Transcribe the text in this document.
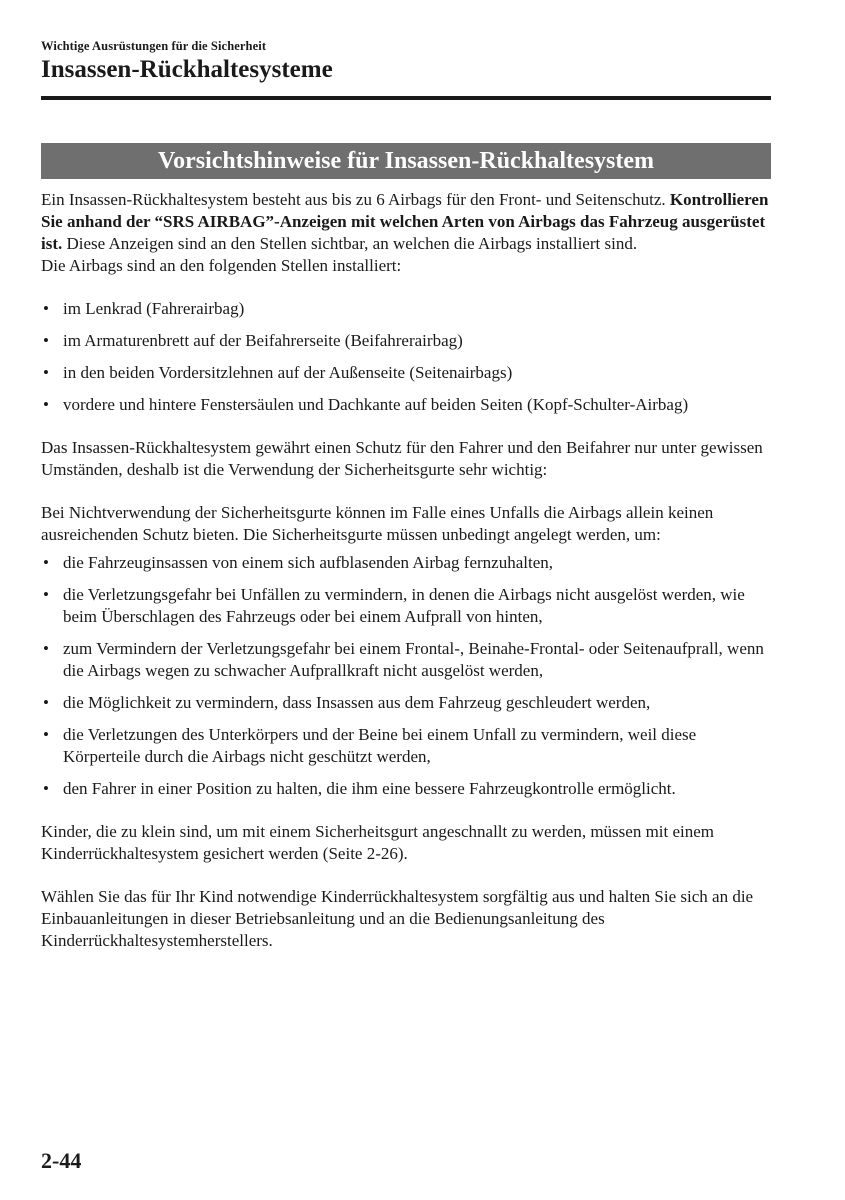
Wichtige Ausrüstungen für die Sicherheit
Insassen-Rückhaltesysteme
Vorsichtshinweise für Insassen-Rückhaltesystem

Ein Insassen-Rückhaltesystem besteht aus bis zu 6 Airbags für den Front- und Seitenschutz. Kontrollieren Sie anhand der “SRS AIRBAG”-Anzeigen mit welchen Arten von Airbags das Fahrzeug ausgerüstet ist. Diese Anzeigen sind an den Stellen sichtbar, an welchen die Airbags installiert sind.

Die Airbags sind an den folgenden Stellen installiert:

• im Lenkrad (Fahrerairbag)
• im Armaturenbrett auf der Beifahrerseite (Beifahrerairbag)
• in den beiden Vordersitzlehnen auf der Außenseite (Seitenairbags)
• vordere und hintere Fenstersäulen und Dachkante auf beiden Seiten (Kopf-Schulter-Airbag)

Das Insassen-Rückhaltesystem gewährt einen Schutz für den Fahrer und den Beifahrer nur unter gewissen Umständen, deshalb ist die Verwendung der Sicherheitsgurte sehr wichtig:

Bei Nichtverwendung der Sicherheitsgurte können im Falle eines Unfalls die Airbags allein keinen ausreichenden Schutz bieten. Die Sicherheitsgurte müssen unbedingt angelegt werden, um:

• die Fahrzeuginsassen von einem sich aufblasenden Airbag fernzuhalten,
• die Verletzungsgefahr bei Unfällen zu vermindern, in denen die Airbags nicht ausgelöst werden, wie beim Überschlagen des Fahrzeugs oder bei einem Aufprall von hinten,
• zum Vermindern der Verletzungsgefahr bei einem Frontal-, Beinahe-Frontal- oder Seitenaufprall, wenn die Airbags wegen zu schwacher Aufprallkraft nicht ausgelöst werden,
• die Möglichkeit zu vermindern, dass Insassen aus dem Fahrzeug geschleudert werden,
• die Verletzungen des Unterkörpers und der Beine bei einem Unfall zu vermindern, weil diese Körperteile durch die Airbags nicht geschützt werden,
• den Fahrer in einer Position zu halten, die ihm eine bessere Fahrzeugkontrolle ermöglicht.

Kinder, die zu klein sind, um mit einem Sicherheitsgurt angeschnallt zu werden, müssen mit einem Kinderrückhaltesystem gesichert werden (Seite 2-26).

Wählen Sie das für Ihr Kind notwendige Kinderrückhaltesystem sorgfältig aus und halten Sie sich an die Einbauanleitungen in dieser Betriebsanleitung und an die Bedienungsanleitung des Kinderrückhaltesystemherstellers.

2-44
